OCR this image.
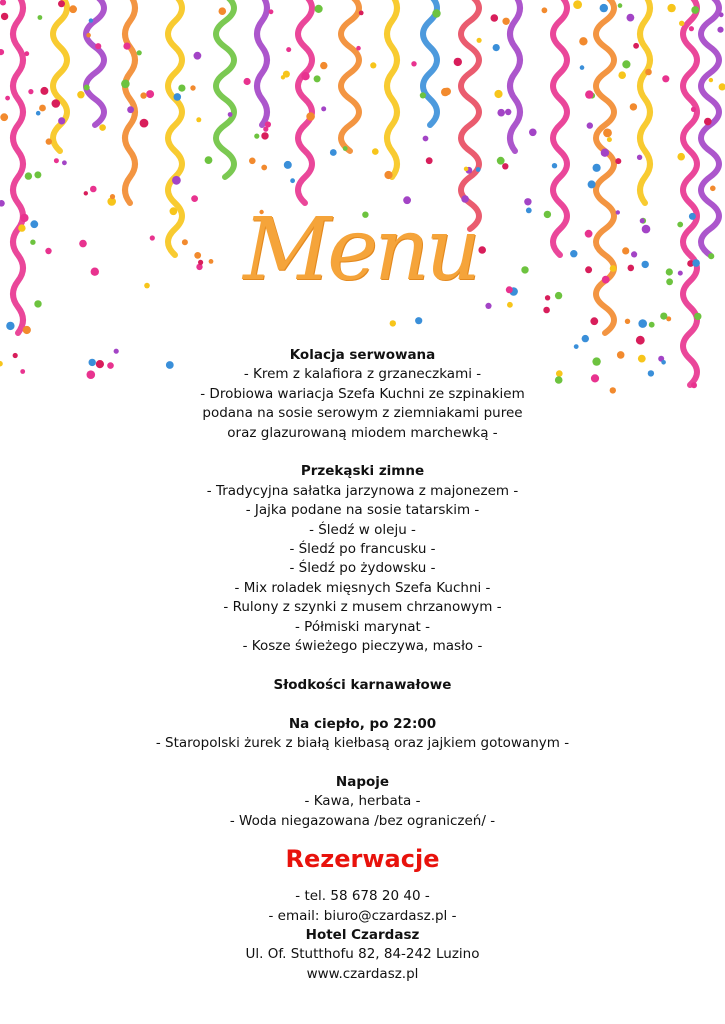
Menu
Kolacja serwowana
- Krem z kalafiora z grzaneczkami -
- Drobiowa wariacja Szefa Kuchni ze szpinakiem
podana na sosie serowym z ziemniakami puree
oraz glazurowaną miodem marchewką -
Przekąski zimne
- Tradycyjna sałatka jarzynowa z majonezem -
- Jajka podane na sosie tatarskim -
- Śledź w oleju -
- Śledź po francusku -
- Śledź po żydowsku -
- Mix roladek mięsnych Szefa Kuchni -
- Rulony z szynki z musem chrzanowym -
- Półmiski marynat -
- Kosze świeżego pieczywa, masło -
Słodkości karnawałowe
Na ciepło, po 22:00
- Staropolski żurek z białą kiełbasą oraz jajkiem gotowanym -
Napoje
- Kawa, herbata -
- Woda niegazowana /bez ograniczeń/ -
Rezerwacje
- tel. 58 678 20 40 -
- email: biuro@czardasz.pl -
Hotel Czardasz
Ul. Of. Stutthofu 82, 84-242 Luzino
www.czardasz.pl
